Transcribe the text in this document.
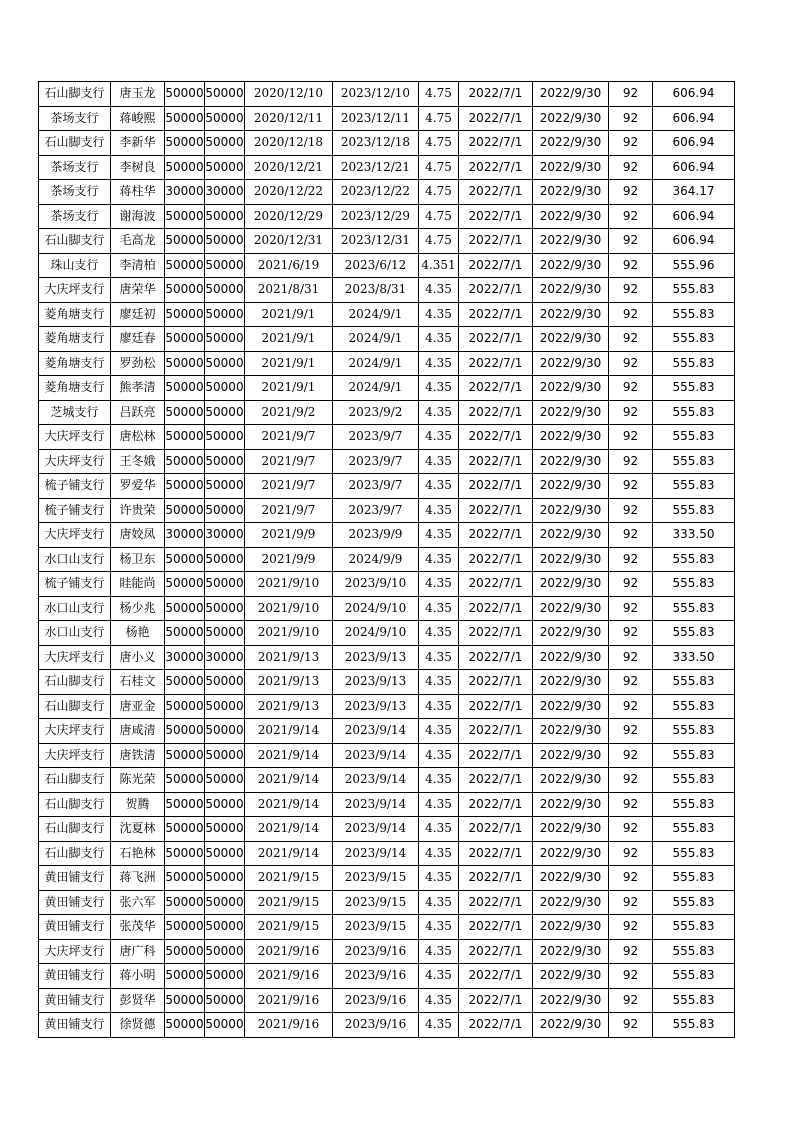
石山脚支行	唐玉龙	50000	50000	2020/12/10	2023/12/10	4.75	2022/7/1	2022/9/30	92	606.94
茶场支行	蒋峻熙	50000	50000	2020/12/11	2023/12/11	4.75	2022/7/1	2022/9/30	92	606.94
石山脚支行	李新华	50000	50000	2020/12/18	2023/12/18	4.75	2022/7/1	2022/9/30	92	606.94
茶场支行	李树良	50000	50000	2020/12/21	2023/12/21	4.75	2022/7/1	2022/9/30	92	606.94
茶场支行	蒋柱华	30000	30000	2020/12/22	2023/12/22	4.75	2022/7/1	2022/9/30	92	364.17
茶场支行	谢海波	50000	50000	2020/12/29	2023/12/29	4.75	2022/7/1	2022/9/30	92	606.94
石山脚支行	毛高龙	50000	50000	2020/12/31	2023/12/31	4.75	2022/7/1	2022/9/30	92	606.94
珠山支行	李清柏	50000	50000	2021/6/19	2023/6/12	4.351	2022/7/1	2022/9/30	92	555.96
大庆坪支行	唐荣华	50000	50000	2021/8/31	2023/8/31	4.35	2022/7/1	2022/9/30	92	555.83
菱角塘支行	廖廷初	50000	50000	2021/9/1	2024/9/1	4.35	2022/7/1	2022/9/30	92	555.83
菱角塘支行	廖廷春	50000	50000	2021/9/1	2024/9/1	4.35	2022/7/1	2022/9/30	92	555.83
菱角塘支行	罗劲松	50000	50000	2021/9/1	2024/9/1	4.35	2022/7/1	2022/9/30	92	555.83
菱角塘支行	熊孝清	50000	50000	2021/9/1	2024/9/1	4.35	2022/7/1	2022/9/30	92	555.83
芝城支行	吕跃亮	50000	50000	2021/9/2	2023/9/2	4.35	2022/7/1	2022/9/30	92	555.83
大庆坪支行	唐松林	50000	50000	2021/9/7	2023/9/7	4.35	2022/7/1	2022/9/30	92	555.83
大庆坪支行	王冬娥	50000	50000	2021/9/7	2023/9/7	4.35	2022/7/1	2022/9/30	92	555.83
梳子铺支行	罗爱华	50000	50000	2021/9/7	2023/9/7	4.35	2022/7/1	2022/9/30	92	555.83
梳子铺支行	许贵荣	50000	50000	2021/9/7	2023/9/7	4.35	2022/7/1	2022/9/30	92	555.83
大庆坪支行	唐姣凤	30000	30000	2021/9/9	2023/9/9	4.35	2022/7/1	2022/9/30	92	333.50
水口山支行	杨卫东	50000	50000	2021/9/9	2024/9/9	4.35	2022/7/1	2022/9/30	92	555.83
梳子铺支行	眭能尚	50000	50000	2021/9/10	2023/9/10	4.35	2022/7/1	2022/9/30	92	555.83
水口山支行	杨少兆	50000	50000	2021/9/10	2024/9/10	4.35	2022/7/1	2022/9/30	92	555.83
水口山支行	杨艳	50000	50000	2021/9/10	2024/9/10	4.35	2022/7/1	2022/9/30	92	555.83
大庆坪支行	唐小义	30000	30000	2021/9/13	2023/9/13	4.35	2022/7/1	2022/9/30	92	333.50
石山脚支行	石桂文	50000	50000	2021/9/13	2023/9/13	4.35	2022/7/1	2022/9/30	92	555.83
石山脚支行	唐亚金	50000	50000	2021/9/13	2023/9/13	4.35	2022/7/1	2022/9/30	92	555.83
大庆坪支行	唐咸清	50000	50000	2021/9/14	2023/9/14	4.35	2022/7/1	2022/9/30	92	555.83
大庆坪支行	唐铁清	50000	50000	2021/9/14	2023/9/14	4.35	2022/7/1	2022/9/30	92	555.83
石山脚支行	陈光荣	50000	50000	2021/9/14	2023/9/14	4.35	2022/7/1	2022/9/30	92	555.83
石山脚支行	贺腾	50000	50000	2021/9/14	2023/9/14	4.35	2022/7/1	2022/9/30	92	555.83
石山脚支行	沈夏林	50000	50000	2021/9/14	2023/9/14	4.35	2022/7/1	2022/9/30	92	555.83
石山脚支行	石艳林	50000	50000	2021/9/14	2023/9/14	4.35	2022/7/1	2022/9/30	92	555.83
黄田铺支行	蒋飞洲	50000	50000	2021/9/15	2023/9/15	4.35	2022/7/1	2022/9/30	92	555.83
黄田铺支行	张六军	50000	50000	2021/9/15	2023/9/15	4.35	2022/7/1	2022/9/30	92	555.83
黄田铺支行	张茂华	50000	50000	2021/9/15	2023/9/15	4.35	2022/7/1	2022/9/30	92	555.83
大庆坪支行	唐广科	50000	50000	2021/9/16	2023/9/16	4.35	2022/7/1	2022/9/30	92	555.83
黄田铺支行	蒋小明	50000	50000	2021/9/16	2023/9/16	4.35	2022/7/1	2022/9/30	92	555.83
黄田铺支行	彭贤华	50000	50000	2021/9/16	2023/9/16	4.35	2022/7/1	2022/9/30	92	555.83
黄田铺支行	徐贤德	50000	50000	2021/9/16	2023/9/16	4.35	2022/7/1	2022/9/30	92	555.83
